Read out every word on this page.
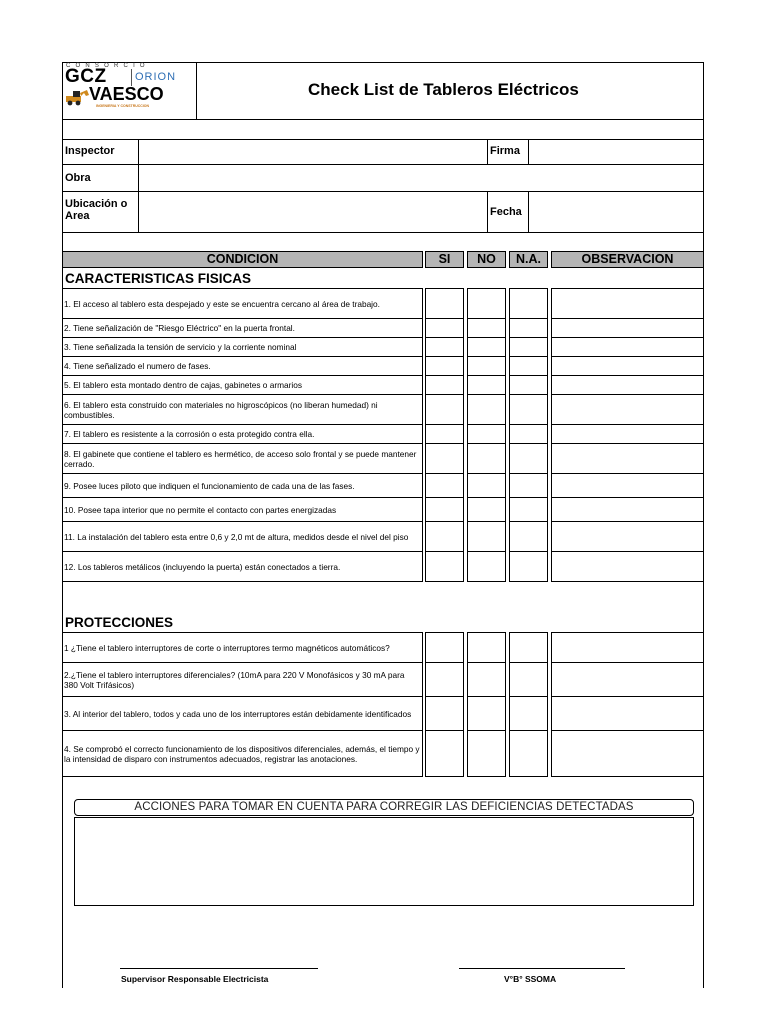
CONSORCIO
GCZ	ORION
VAESCO
INGENIERIA Y CONSTRUCCION
Check List de Tableros Eléctricos
Inspector	Firma
Obra
Ubicación o Area	Fecha
CONDICION	SI	NO	N.A.	OBSERVACION
CARACTERISTICAS FISICAS
1. El acceso al tablero esta despejado y este se encuentra cercano al área de trabajo.
2. Tiene señalización de "Riesgo Eléctrico" en la puerta frontal.
3. Tiene señalizada la tensión de servicio y la corriente nominal
4. Tiene señalizado el numero de fases.
5. El tablero esta montado dentro de cajas, gabinetes o armarios
6. El tablero esta construido con materiales no higroscópicos (no liberan humedad) ni combustibles.
7. El tablero es resistente a la corrosión o esta protegido contra ella.
8. El gabinete que contiene el tablero es hermético, de acceso solo frontal y se puede mantener cerrado.
9. Posee luces piloto que indiquen el funcionamiento de cada una de las fases.
10. Posee tapa interior que no permite el contacto con partes energizadas
11. La instalación del tablero esta entre 0,6 y 2,0 mt de altura, medidos desde el nivel del piso
12. Los tableros metálicos (incluyendo la puerta) están conectados a tierra.
1 ¿Tiene el tablero interruptores de corte o interruptores termo magnéticos automáticos?
2.¿Tiene el tablero interruptores diferenciales? (10mA para 220 V Monofásicos y 30 mA para 380 Volt Trifásicos)
3. Al interior del tablero, todos y cada uno de los interruptores están debidamente identificados
4. Se comprobó el correcto funcionamiento de los dispositivos diferenciales, además, el tiempo y la intensidad de disparo con instrumentos adecuados, registrar las anotaciones.
PROTECCIONES
ACCIONES PARA TOMAR EN CUENTA PARA CORREGIR LAS DEFICIENCIAS DETECTADAS
Supervisor Responsable Electricista	V°B° SSOMA
